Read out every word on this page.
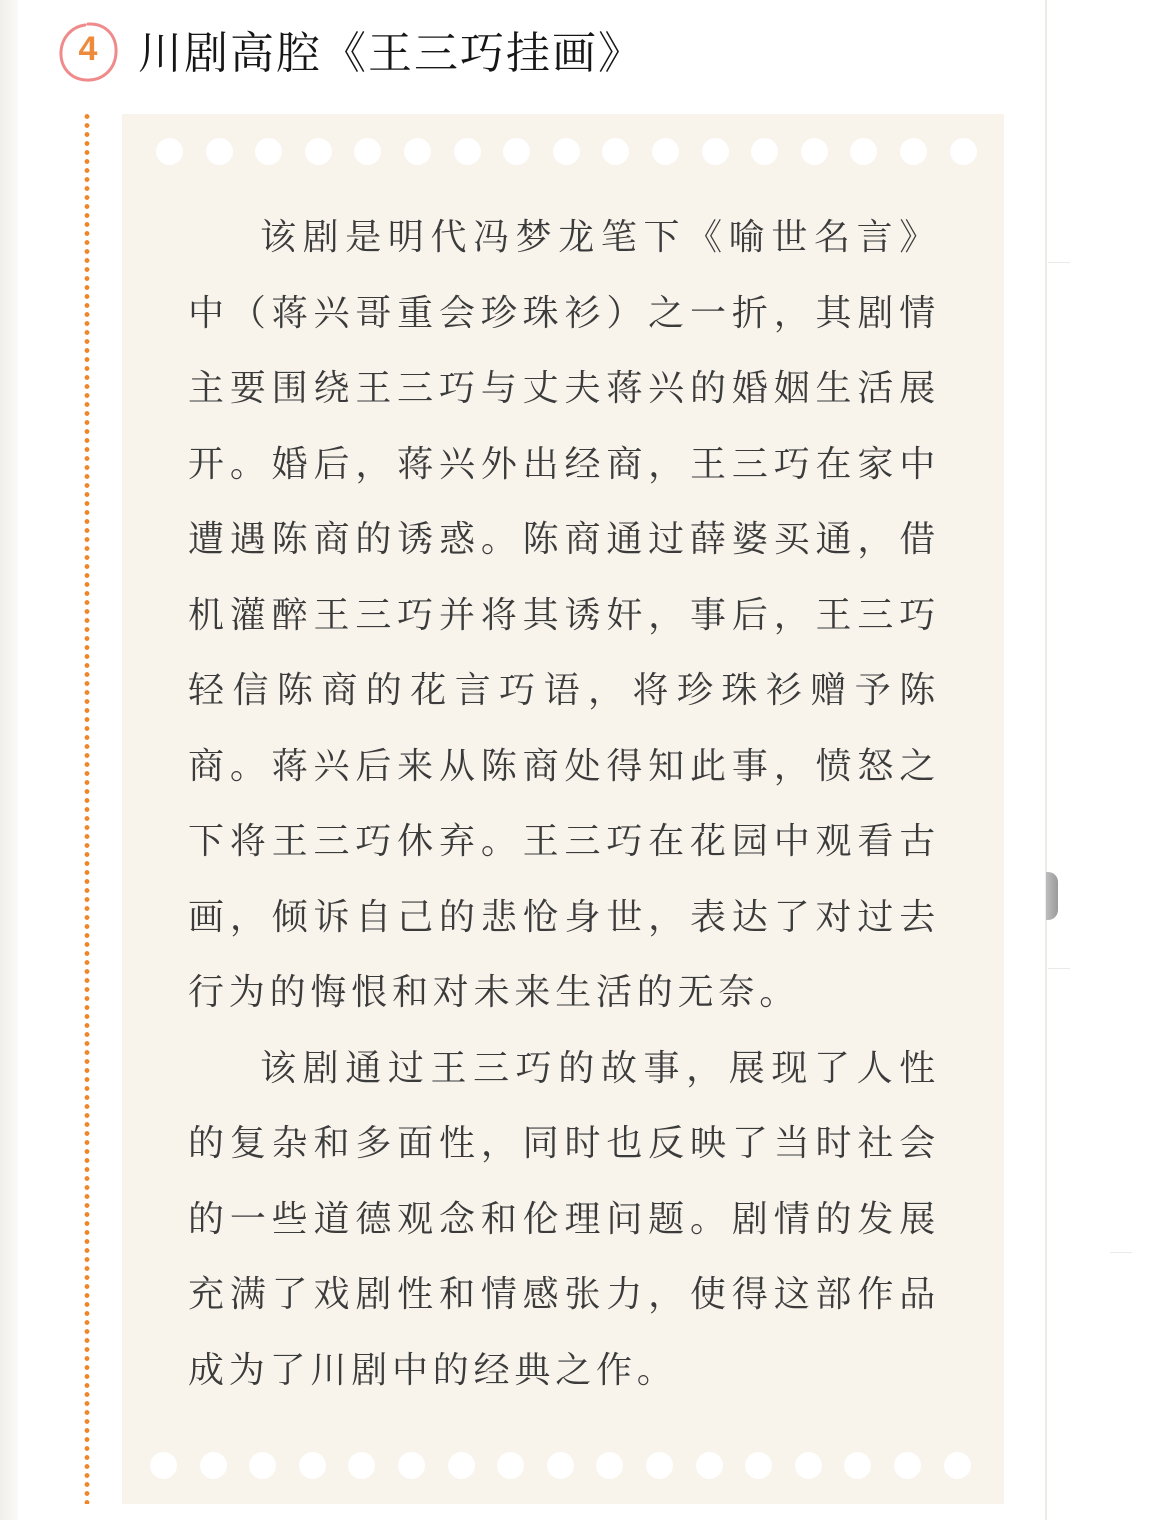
4 川剧高腔《王三巧挂画》

该剧是明代冯梦龙笔下《喻世名言》中（蒋兴哥重会珍珠衫）之一折，其剧情主要围绕王三巧与丈夫蒋兴的婚姻生活展开。婚后，蒋兴外出经商，王三巧在家中遭遇陈商的诱惑。陈商通过薛婆买通，借机灌醉王三巧并将其诱奸，事后，王三巧轻信陈商的花言巧语，将珍珠衫赠予陈商。蒋兴后来从陈商处得知此事，愤怒之下将王三巧休弃。王三巧在花园中观看古画，倾诉自己的悲怆身世，表达了对过去行为的悔恨和对未来生活的无奈。

该剧通过王三巧的故事，展现了人性的复杂和多面性，同时也反映了当时社会的一些道德观念和伦理问题。剧情的发展充满了戏剧性和情感张力，使得这部作品成为了川剧中的经典之作。
